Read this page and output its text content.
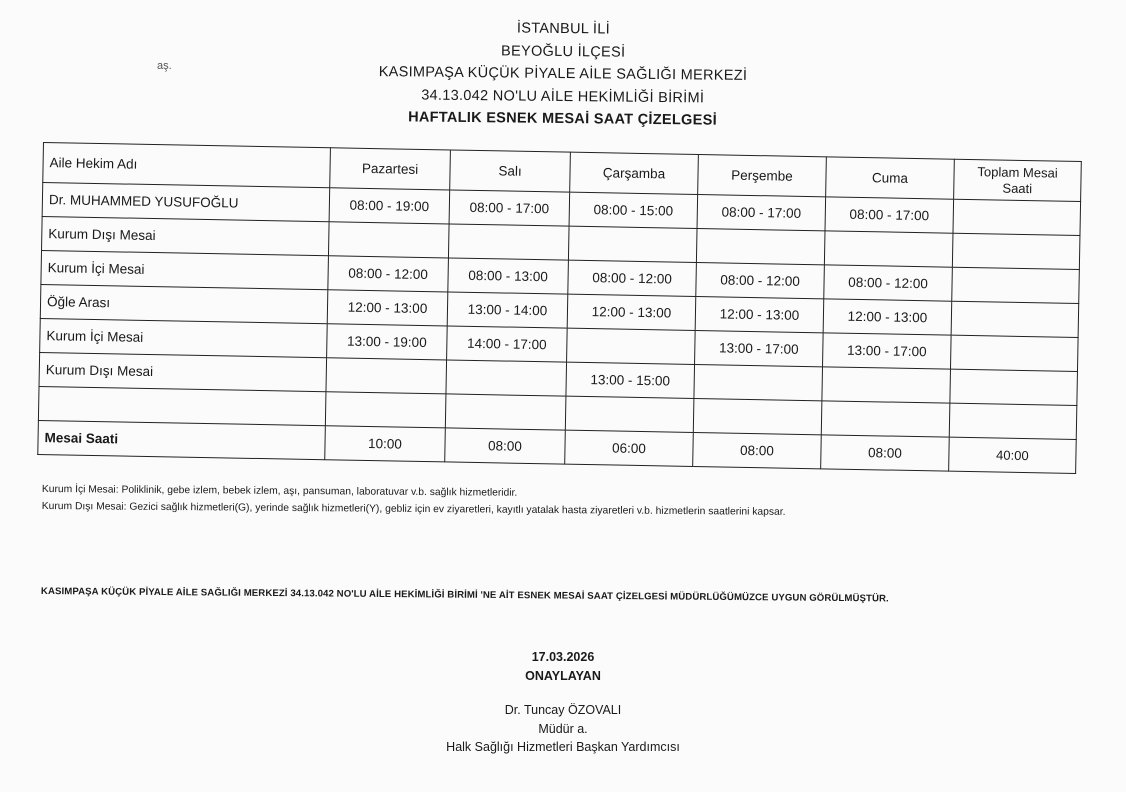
aş.
İSTANBUL İLİ
BEYOĞLU İLÇESİ
KASIMPAŞA KÜÇÜK PİYALE AİLE SAĞLIĞI MERKEZİ
34.13.042 NO'LU AİLE HEKİMLİĞİ BİRİMİ
HAFTALIK ESNEK MESAİ SAAT ÇİZELGESİ
Aile Hekim Adı	Pazartesi	Salı	Çarşamba	Perşembe	Cuma	Toplam Mesai Saati

Dr. MUHAMMED YUSUFOĞLU	08:00 - 19:00	08:00 - 17:00	08:00 - 15:00	08:00 - 17:00	08:00 - 17:00	
Kurum Dışı Mesai						
Kurum İçi Mesai	08:00 - 12:00	08:00 - 13:00	08:00 - 12:00	08:00 - 12:00	08:00 - 12:00	
Öğle Arası	12:00 - 13:00	13:00 - 14:00	12:00 - 13:00	12:00 - 13:00	12:00 - 13:00	
Kurum İçi Mesai	13:00 - 19:00	14:00 - 17:00		13:00 - 17:00	13:00 - 17:00	
Kurum Dışı Mesai			13:00 - 15:00			

Mesai Saati	10:00	08:00	06:00	08:00	08:00	40:00
Kurum İçi Mesai: Poliklinik, gebe izlem, bebek izlem, aşı, pansuman, laboratuvar v.b. sağlık hizmetleridir.
Kurum Dışı Mesai: Gezici sağlık hizmetleri(G), yerinde sağlık hizmetleri(Y), gebliz için ev ziyaretleri, kayıtlı yatalak hasta ziyaretleri v.b. hizmetlerin saatlerini kapsar.
KASIMPAŞA KÜÇÜK PİYALE AİLE SAĞLIĞI MERKEZİ 34.13.042 NO'LU AİLE HEKİMLİĞİ BİRİMİ 'NE AİT ESNEK MESAİ SAAT ÇİZELGESİ MÜDÜRLÜĞÜMÜZCE UYGUN GÖRÜLMÜŞTÜR.
17.03.2026
ONAYLAYAN
Dr. Tuncay ÖZOVALI
Müdür a.
Halk Sağlığı Hizmetleri Başkan Yardımcısı
